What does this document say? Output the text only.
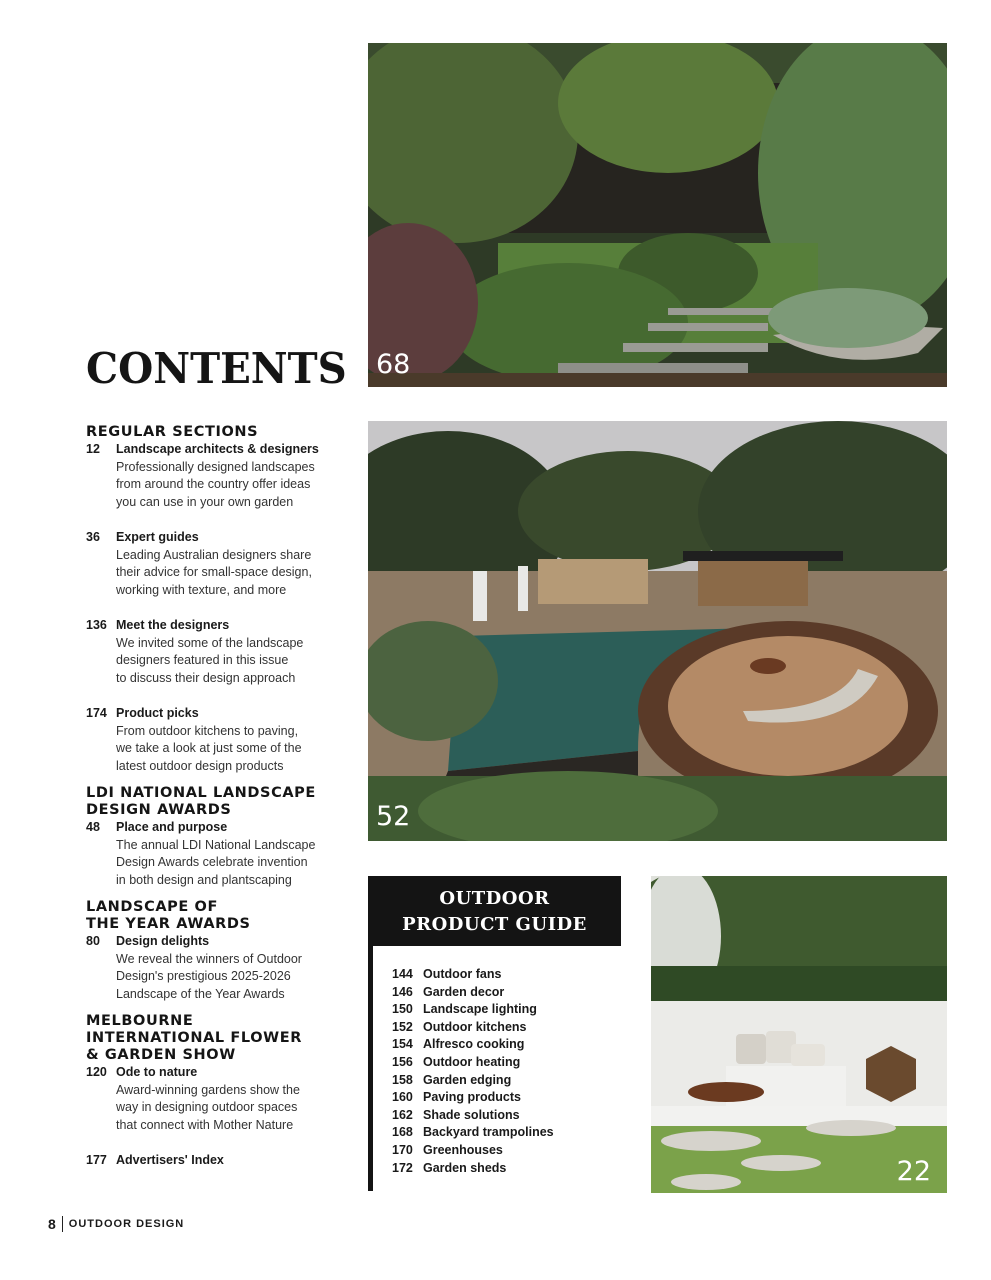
CONTENTS
REGULAR SECTIONS
12	Landscape architects & designers
Professionally designed landscapes
from around the country offer ideas
you can use in your own garden
36	Expert guides
Leading Australian designers share
their advice for small-space design,
working with texture, and more
136 Meet the designers
We invited some of the landscape
designers featured in this issue
to discuss their design approach
174 Product picks
From outdoor kitchens to paving,
we take a look at just some of the
latest outdoor design products
LDI NATIONAL LANDSCAPE
DESIGN AWARDS
48	Place and purpose
The annual LDI National Landscape
Design Awards celebrate invention
in both design and plantscaping
LANDSCAPE OF
THE YEAR AWARDS
80	Design delights
We reveal the winners of Outdoor
Design's prestigious 2025-2026
Landscape of the Year Awards
MELBOURNE
INTERNATIONAL FLOWER
& GARDEN SHOW
120 Ode to nature
Award-winning gardens show the
way in designing outdoor spaces
that connect with Mother Nature
177 Advertisers' Index
68
52
22
OUTDOOR
PRODUCT GUIDE
144 Outdoor fans
146 Garden decor
150 Landscape lighting
152 Outdoor kitchens
154 Alfresco cooking
156 Outdoor heating
158 Garden edging
160 Paving products
162 Shade solutions
168 Backyard trampolines
170 Greenhouses
172 Garden sheds
8 OUTDOOR DESIGN
